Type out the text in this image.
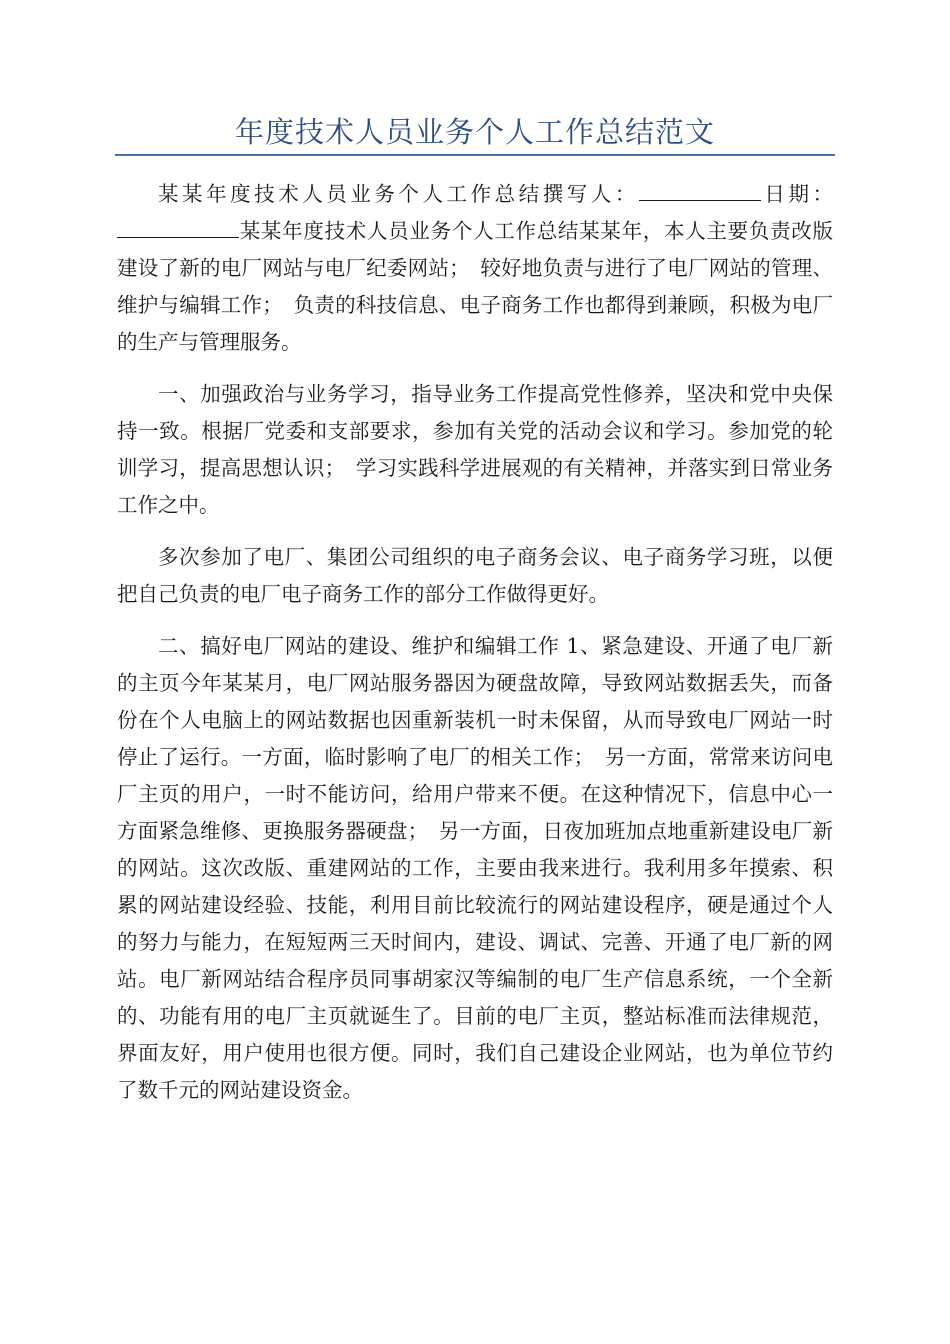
年度技术人员业务个人工作总结范文

某某年度技术人员业务个人工作总结撰写人：	日期：某某年度技术人员业务个人工作总结某某年，本人主要负责改版建设了新的电厂网站与电厂纪委网站；　较好地负责与进行了电厂网站的管理、维护与编辑工作；　负责的科技信息、电子商务工作也都得到兼顾，积极为电厂的生产与管理服务。

一、加强政治与业务学习，指导业务工作提高党性修养，坚决和党中央保持一致。根据厂党委和支部要求，参加有关党的活动会议和学习。参加党的轮训学习，提高思想认识；　学习实践科学进展观的有关精神，并落实到日常业务工作之中。

多次参加了电厂、集团公司组织的电子商务会议、电子商务学习班，以便把自己负责的电厂电子商务工作的部分工作做得更好。

二、搞好电厂网站的建设、维护和编辑工作 1、紧急建设、开通了电厂新的主页今年某某月，电厂网站服务器因为硬盘故障，导致网站数据丢失，而备份在个人电脑上的网站数据也因重新装机一时未保留，从而导致电厂网站一时停止了运行。一方面，临时影响了电厂的相关工作；　另一方面，常常来访问电厂主页的用户，一时不能访问，给用户带来不便。在这种情况下，信息中心一方面紧急维修、更换服务器硬盘；　另一方面，日夜加班加点地重新建设电厂新的网站。这次改版、重建网站的工作，主要由我来进行。我利用多年摸索、积累的网站建设经验、技能，利用目前比较流行的网站建设程序，硬是通过个人的努力与能力，在短短两三天时间内，建设、调试、完善、开通了电厂新的网站。电厂新网站结合程序员同事胡家汉等编制的电厂生产信息系统，一个全新的、功能有用的电厂主页就诞生了。目前的电厂主页，整站标准而法律规范，界面友好，用户使用也很方便。同时，我们自己建设企业网站，也为单位节约了数千元的网站建设资金。
